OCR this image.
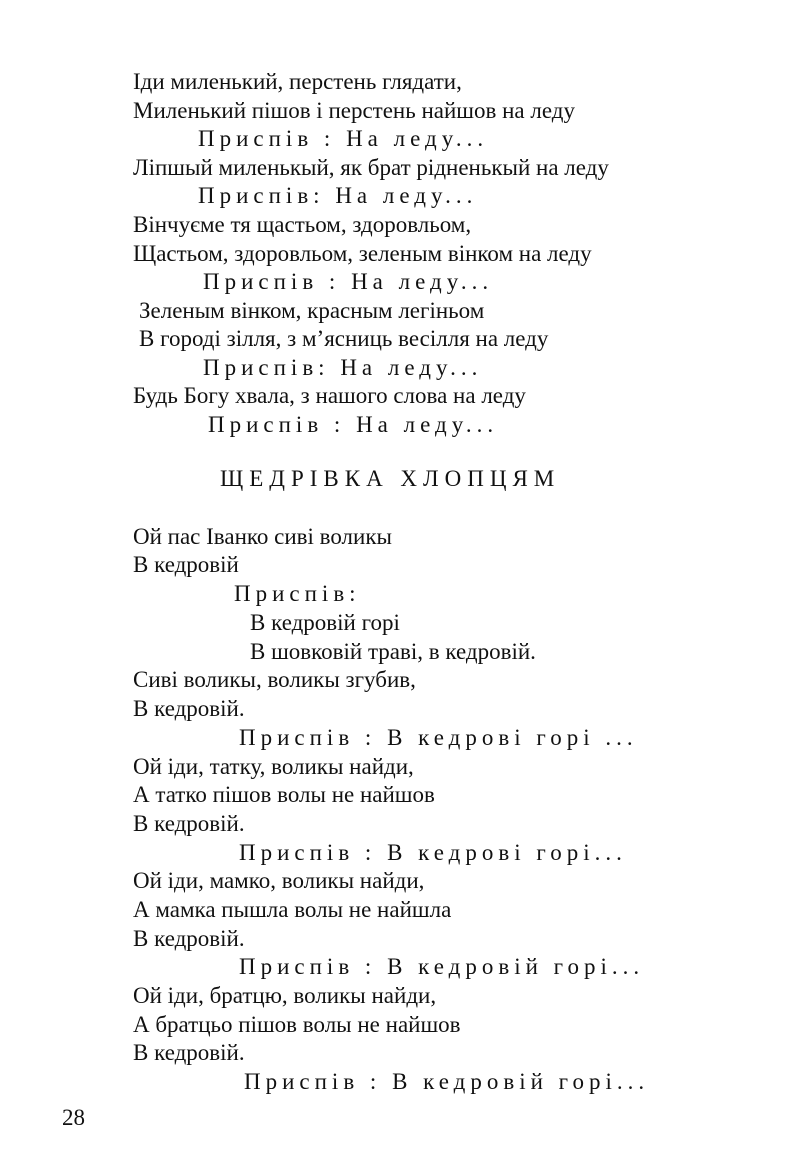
Іди миленький, перстень глядати,
Миленький пішов і перстень найшов на леду
Приспів : На леду...
Ліпшый миленькый, як брат рідненькый на леду
Приспів: На леду...
Вінчуєме тя щастьом, здоровльом,
Щастьом, здоровльом, зеленым вінком на леду
Приспів : На леду...
Зеленым вінком, красным легіньом
В городі зілля, з м’ясниць весілля на леду
Приспів: На леду...
Будь Богу хвала, з нашого слова на леду
Приспів : На леду...
ЩЕДРІВКА ХЛОПЦЯМ
Ой пас Іванко сиві воликы
В кедровій
Приспів:
В кедровій горі
В шовковій траві, в кедровій.
Сиві воликы, воликы згубив,
В кедровій.
Приспів : В кедрові горі ...
Ой іди, татку, воликы найди,
А татко пішов волы не найшов
В кедровій.
Приспів : В кедрові горі...
Ой іди, мамко, воликы найди,
А мамка пышла волы не найшла
В кедровій.
Приспів : В кедровій горі...
Ой іди, братцю, воликы найди,
А братцьо пішов волы не найшов
В кедровій.
Приспів : В кедровій горі...
28
